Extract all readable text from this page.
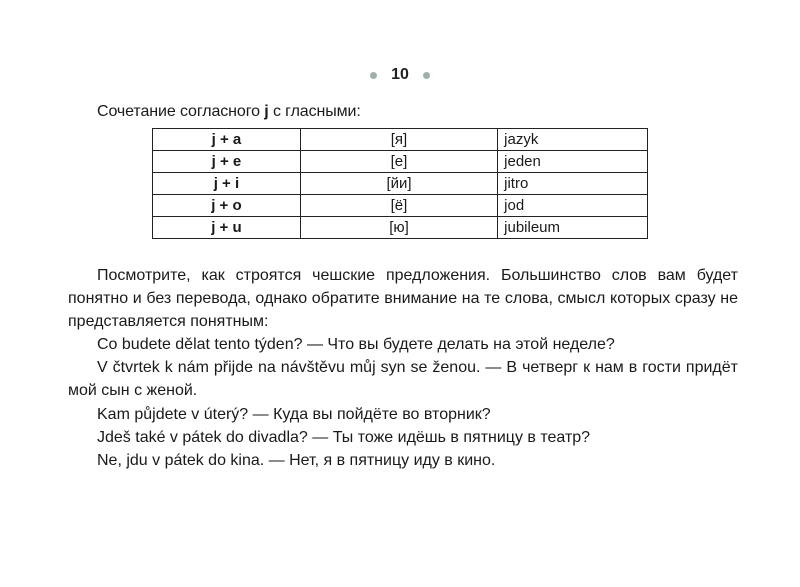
10
Сочетание согласного j с гласными:
j + a	[я]	jazyk
j + e	[е]	jeden
j + i	[йи]	jitro
j + o	[ё]	jod
j + u	[ю]	jubileum

Посмотрите, как строятся чешские предложения. Большинство слов вам будет понятно и без перевода, однако обратите внимание на те слова, смысл которых сразу не представляется понятным:

Co budete dělat tento týden? — Что вы будете делать на этой неделе?

V čtvrtek k nám přijde na návštěvu můj syn se ženou. — В четверг к нам в гости придёт мой сын с женой.

Kam půjdete v úterý? — Куда вы пойдёте во вторник?

Jdeš také v pátek do divadla? — Ты тоже идёшь в пятницу в театр?

Ne, jdu v pátek do kina. — Нет, я в пятницу иду в кино.
